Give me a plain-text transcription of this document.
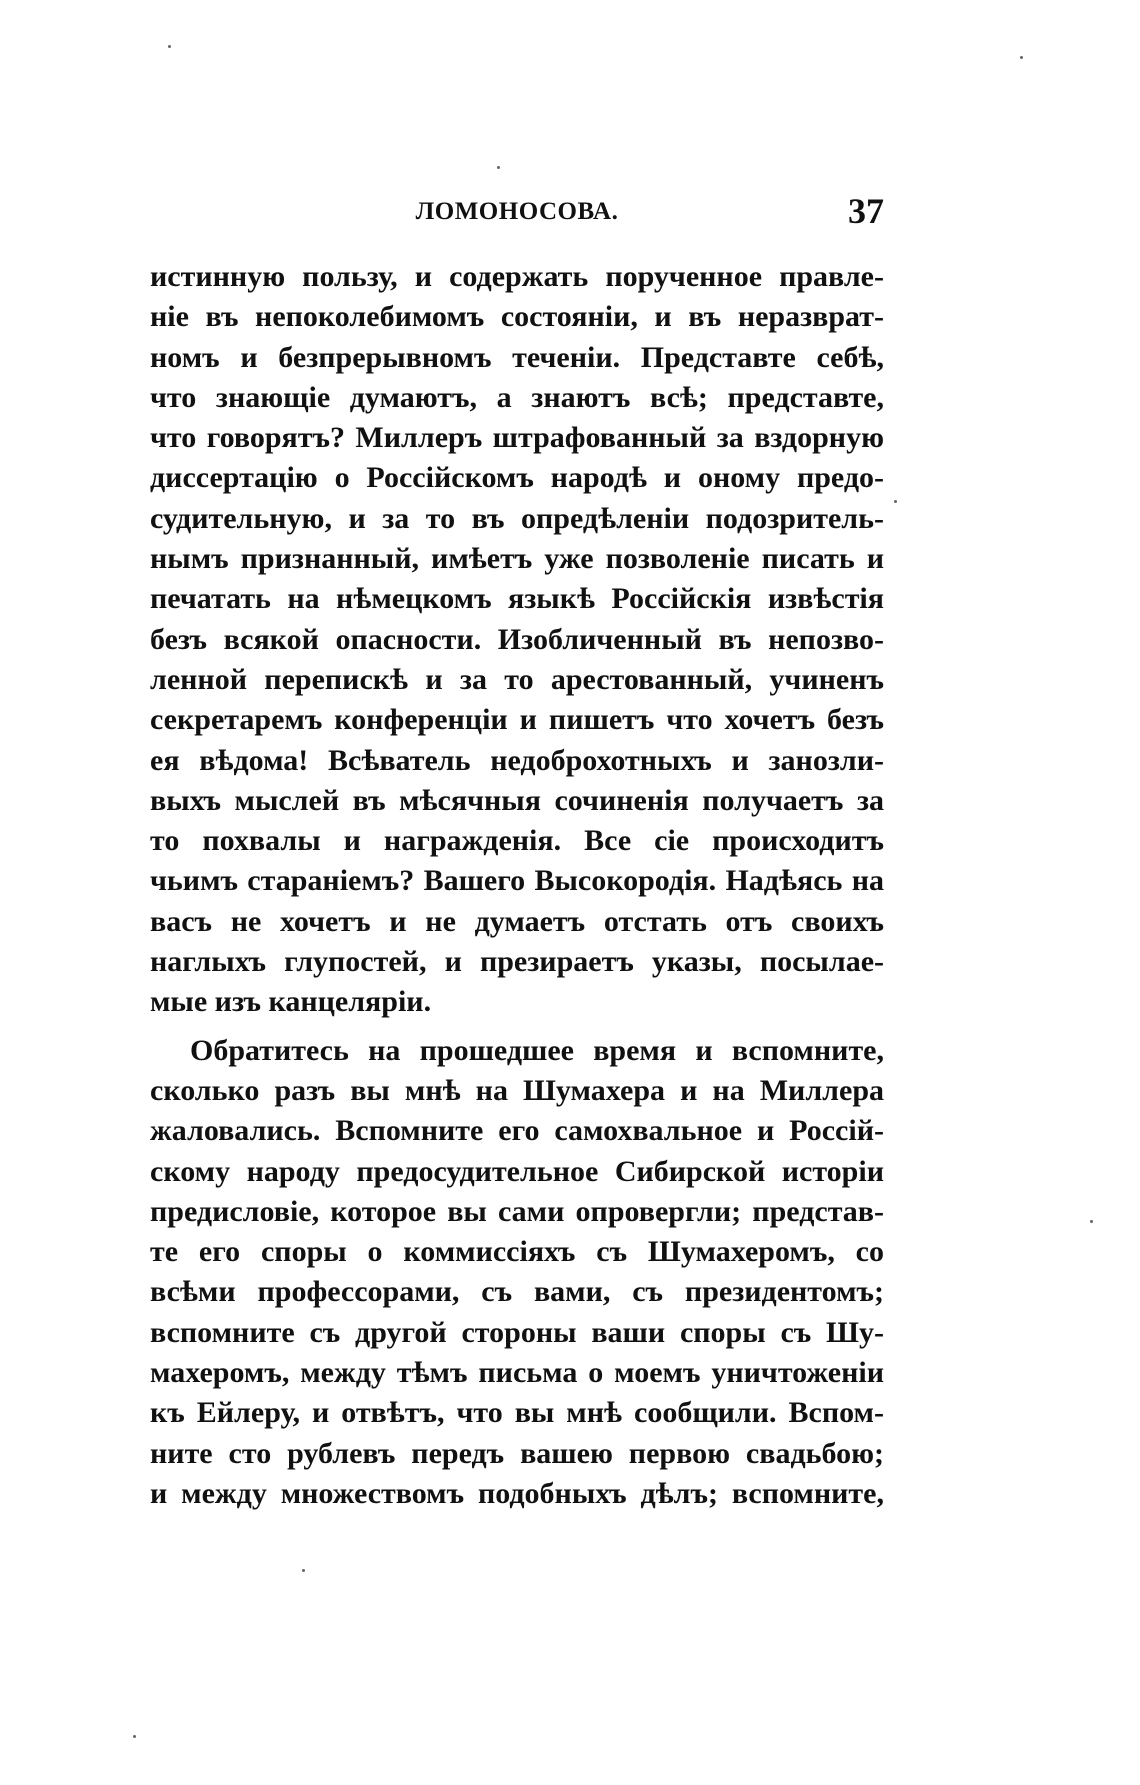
ЛОМОНОСОВА.	37
истинную пользу, и содержать порученное правле-
ніе въ непоколебимомъ состояніи, и въ неразврат-
номъ и безпрерывномъ теченіи. Представте себѣ,
что знающіе думаютъ, а знаютъ всѣ; представте,
что говорятъ? Миллеръ штрафованный за вздорную
диссертацію о Россійскомъ народѣ и оному предо-
судительную, и за то въ опредѣленіи подозритель-
нымъ признанный, имѣетъ уже позволеніе писать и
печатать на нѣмецкомъ языкѣ Россійскія извѣстія
безъ всякой опасности. Изобличенный въ непозво-
ленной перепискѣ и за то арестованный, учиненъ
секретаремъ конференціи и пишетъ что хочетъ безъ
ея вѣдома! Всѣватель недоброхотныхъ и занозли-
выхъ мыслей въ мѣсячныя сочиненія получаетъ за
то похвалы и награжденія. Все сіе происходитъ
чьимъ стараніемъ? Вашего Высокородія. Надѣясь на
васъ не хочетъ и не думаетъ отстать отъ своихъ
наглыхъ глупостей, и презираетъ указы, посылае-
мые изъ канцеляріи.
Обратитесь на прошедшее время и вспомните,
сколько разъ вы мнѣ на Шумахера и на Миллера
жаловались. Вспомните его самохвальное и Россій-
скому народу предосудительное Сибирской исторіи
предисловіе, которое вы сами опровергли; представ-
те его споры о коммиссіяхъ съ Шумахеромъ, со
всѣми профессорами, съ вами, съ президентомъ;
вспомните съ другой стороны ваши споры съ Шу-
махеромъ, между тѣмъ письма о моемъ уничтоженіи
къ Ейлеру, и отвѣтъ, что вы мнѣ сообщили. Вспом-
ните сто рублевъ передъ вашею первою свадьбою;
и между множествомъ подобныхъ дѣлъ; вспомните,
